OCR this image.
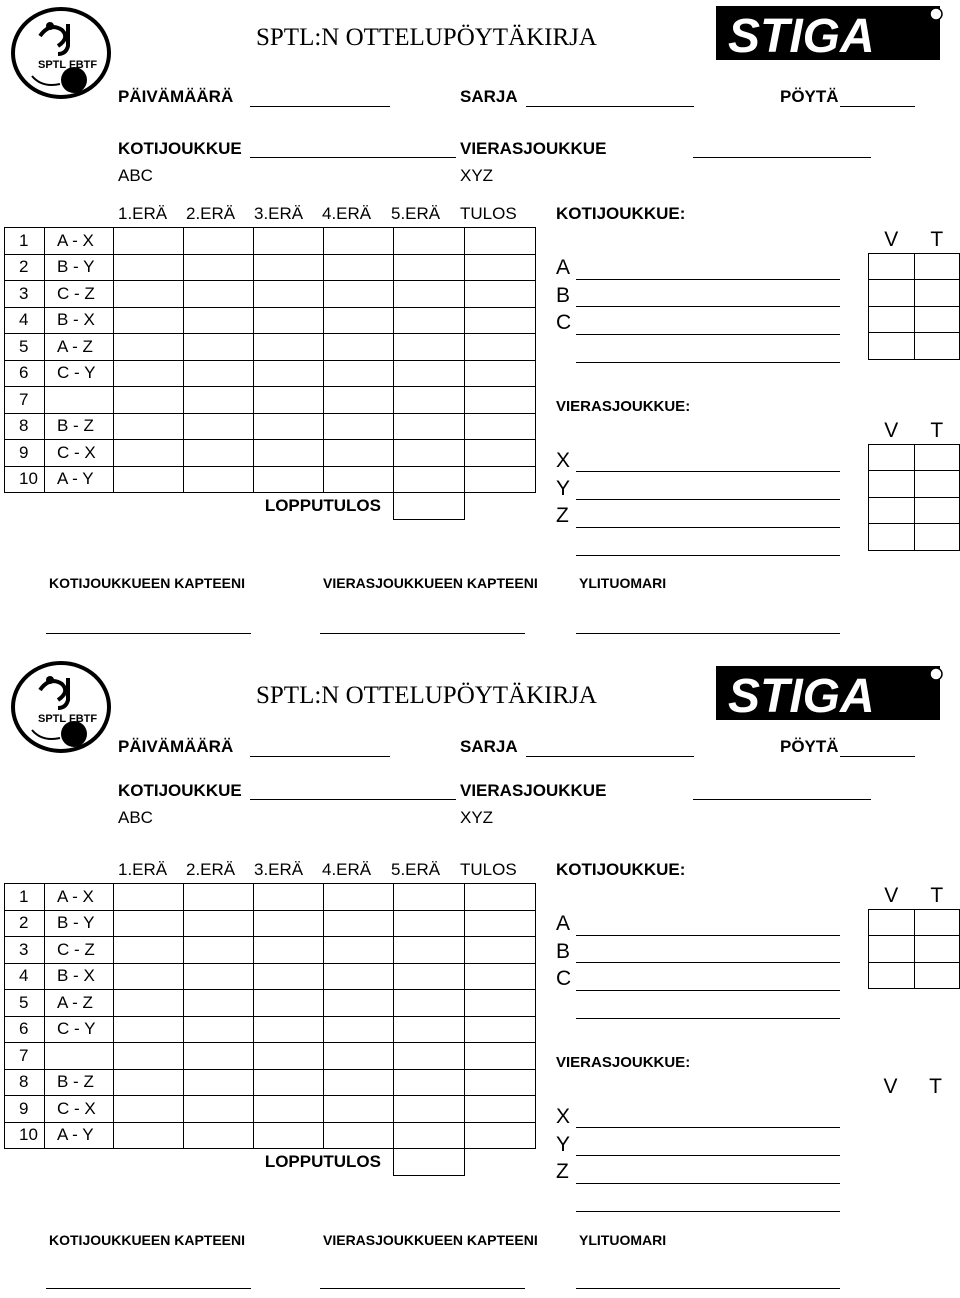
SPTL FBTF
SPTL:N OTTELUPÖYTÄKIRJA	STIGA
PÄIVÄMÄÄRÄ	SARJA	PÖYTÄ
KOTIJOUKKUE	VIERASJOUKKUE
ABC	XYZ
1.ERÄ 2.ERÄ 3.ERÄ 4.ERÄ 5.ERÄ TULOS KOTIJOUKKUE:
1	A - X						
2	B - Y						
3	C - Z						
4	B - X						
5	A - Z						
6	C - Y						
7							
8	B - Z						
9	C - X						
10	A - Y						
LOPPUTULOS							
A
B
C
VIERASJOUKKUE:
X
Y
Z
V	T

V	T

KOTIJOUKKUEEN KAPTEENI	VIERASJOUKKUEEN KAPTEENI	YLITUOMARI
SPTL FBTF
SPTL:N OTTELUPÖYTÄKIRJA	STIGA
PÄIVÄMÄÄRÄ	SARJA	PÖYTÄ
KOTIJOUKKUE	VIERASJOUKKUE
ABC	XYZ
1.ERÄ 2.ERÄ 3.ERÄ 4.ERÄ 5.ERÄ TULOS KOTIJOUKKUE:
1	A - X						
2	B - Y						
3	C - Z						
4	B - X						
5	A - Z						
6	C - Y						
7							
8	B - Z						
9	C - X						
10	A - Y						
LOPPUTULOS							
A
B
C
VIERASJOUKKUE:
X
Y
Z
V	T

V	T
KOTIJOUKKUEEN KAPTEENI	VIERASJOUKKUEEN KAPTEENI	YLITUOMARI
